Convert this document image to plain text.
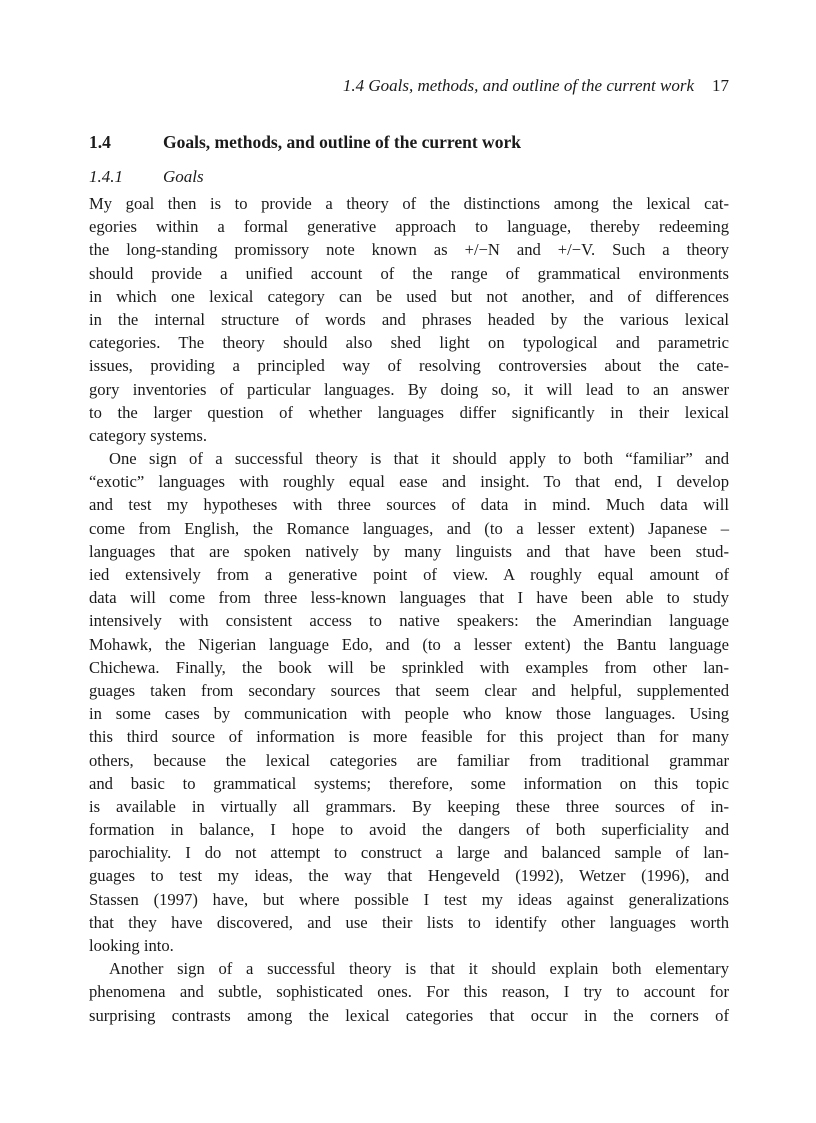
1.4 Goals, methods, and outline of the current work 17
1.4	Goals, methods, and outline of the current work
1.4.1 Goals
My goal then is to provide a theory of the distinctions among the lexical cat-
egories within a formal generative approach to language, thereby redeeming
the long-standing promissory note known as +/−N and +/−V. Such a theory
should provide a unified account of the range of grammatical environments
in which one lexical category can be used but not another, and of differences
in the internal structure of words and phrases headed by the various lexical
categories. The theory should also shed light on typological and parametric
issues, providing a principled way of resolving controversies about the cate-
gory inventories of particular languages. By doing so, it will lead to an answer
to the larger question of whether languages differ significantly in their lexical
category systems.
One sign of a successful theory is that it should apply to both “familiar” and
“exotic” languages with roughly equal ease and insight. To that end, I develop
and test my hypotheses with three sources of data in mind. Much data will
come from English, the Romance languages, and (to a lesser extent) Japanese –
languages that are spoken natively by many linguists and that have been stud-
ied extensively from a generative point of view. A roughly equal amount of
data will come from three less-known languages that I have been able to study
intensively with consistent access to native speakers: the Amerindian language
Mohawk, the Nigerian language Edo, and (to a lesser extent) the Bantu language
Chichewa. Finally, the book will be sprinkled with examples from other lan-
guages taken from secondary sources that seem clear and helpful, supplemented
in some cases by communication with people who know those languages. Using
this third source of information is more feasible for this project than for many
others, because the lexical categories are familiar from traditional grammar
and basic to grammatical systems; therefore, some information on this topic
is available in virtually all grammars. By keeping these three sources of in-
formation in balance, I hope to avoid the dangers of both superficiality and
parochiality. I do not attempt to construct a large and balanced sample of lan-
guages to test my ideas, the way that Hengeveld (1992), Wetzer (1996), and
Stassen (1997) have, but where possible I test my ideas against generalizations
that they have discovered, and use their lists to identify other languages worth
looking into.
Another sign of a successful theory is that it should explain both elementary
phenomena and subtle, sophisticated ones. For this reason, I try to account for
surprising contrasts among the lexical categories that occur in the corners of
